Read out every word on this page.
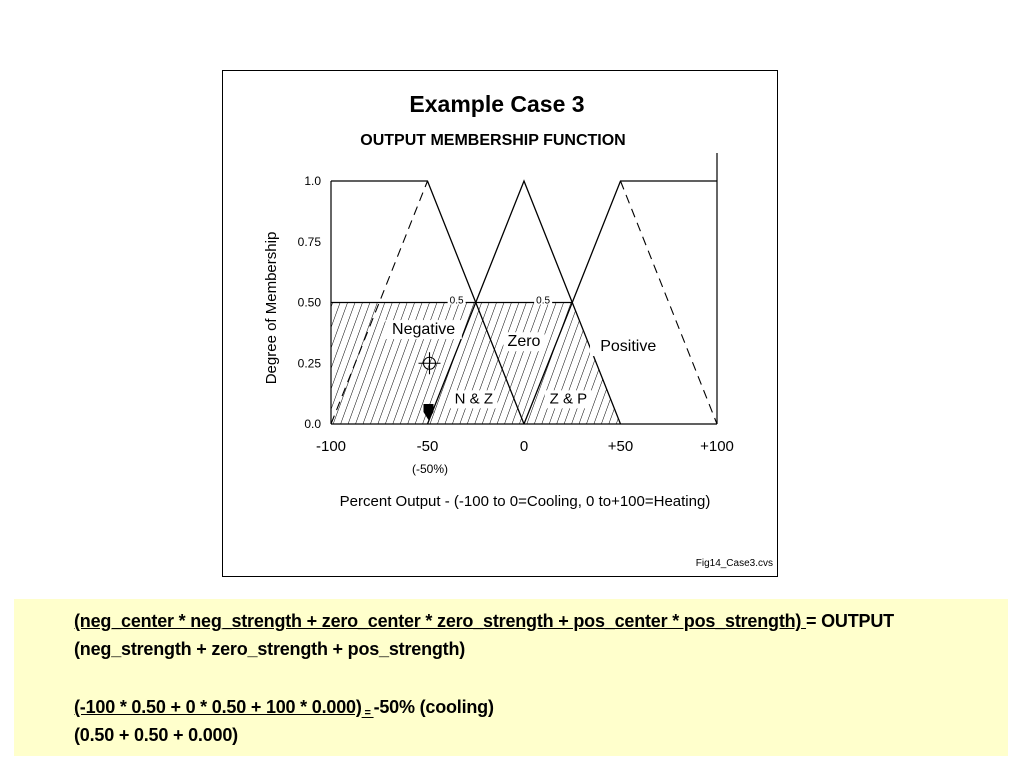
-100	-50	0	+50	+100
0.0
0.25
0.50
0.75
1.0
0.5	0.5
Negative
Zero	Positive
N & Z	Z & P
Example Case 3
OUTPUT MEMBERSHIP FUNCTION
Degree of Membership
Percent Output - (-100 to 0=Cooling, 0 to+100=Heating)
(-50%)
Fig14_Case3.cvs
(neg_center * neg_strength + zero_center * zero_strength + pos_center * pos_strength) = OUTPUT
(neg_strength + zero_strength + pos_strength)
(-100 * 0.50 + 0 * 0.50 + 100 * 0.000) = -50% (cooling)
(0.50 + 0.50 + 0.000)
